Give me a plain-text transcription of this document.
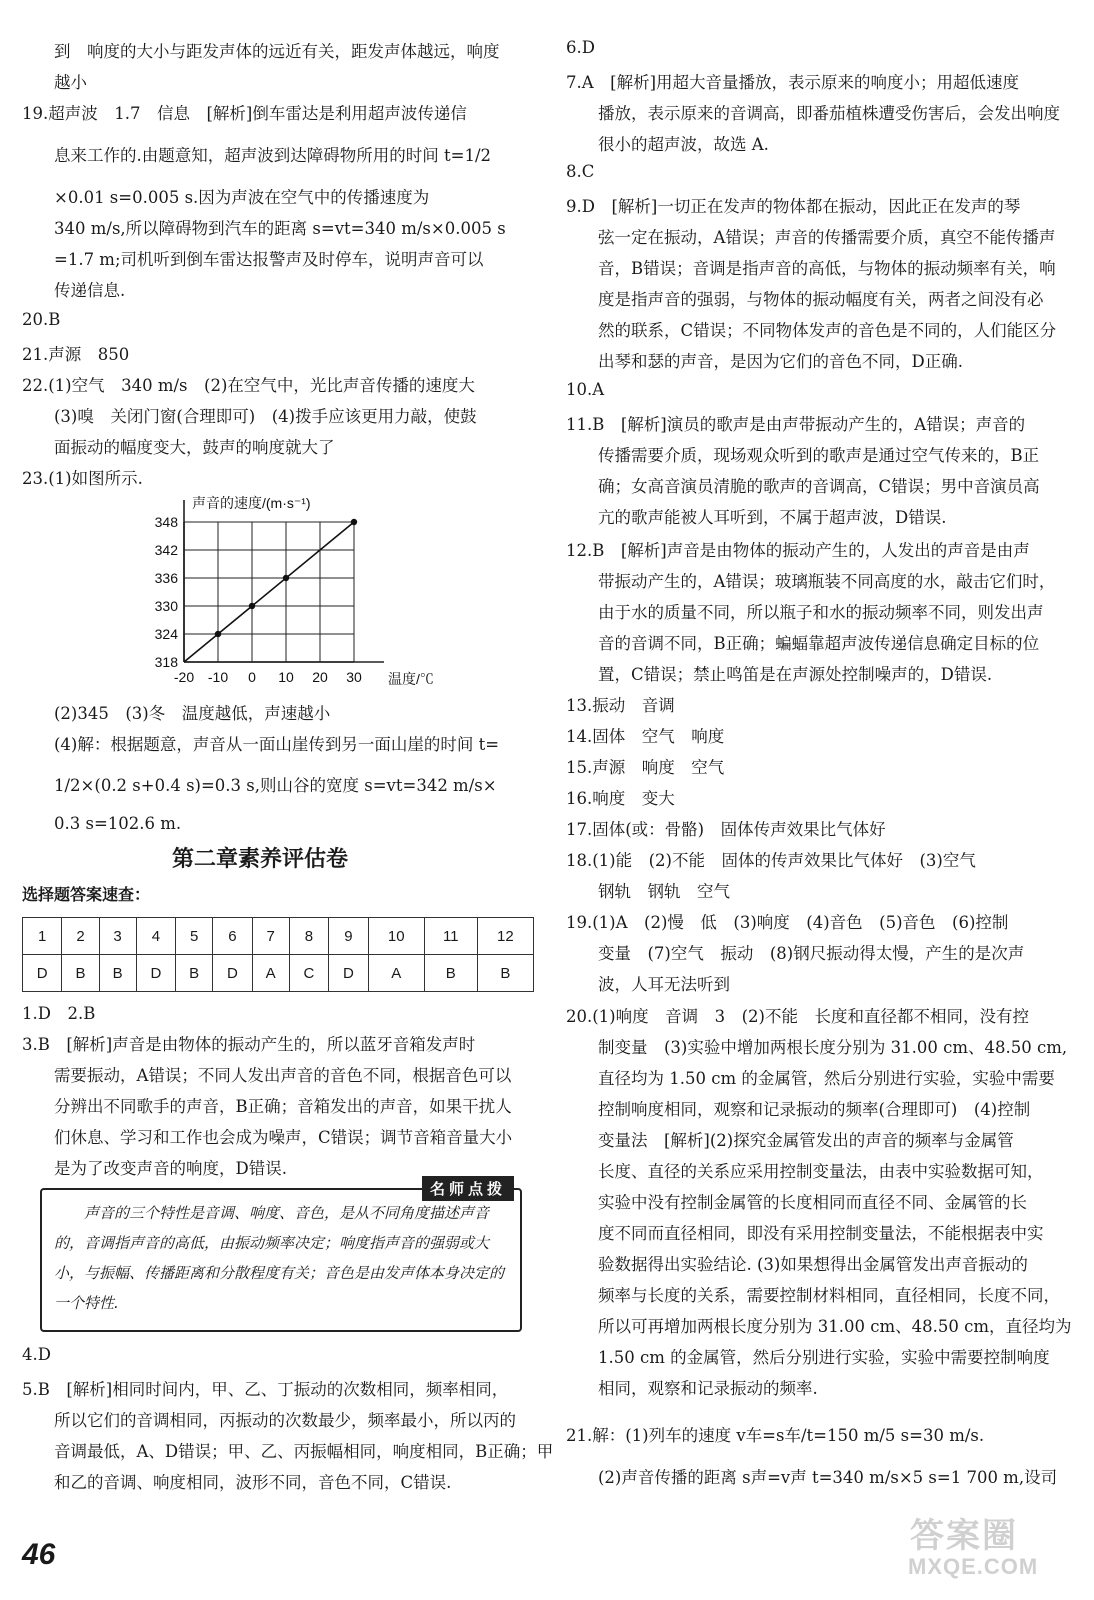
到　响度的大小与距发声体的远近有关，距发声体越远，响度
越小
19.超声波　1.7　信息　[解析]倒车雷达是利用超声波传递信
息来工作的.由题意知，超声波到达障碍物所用的时间 t=1/2
×0.01 s=0.005 s.因为声波在空气中的传播速度为
340 m/s,所以障碍物到汽车的距离 s=vt=340 m/s×0.005 s
=1.7 m;司机听到倒车雷达报警声及时停车，说明声音可以
传递信息.
20.B
21.声源　850
22.(1)空气　340 m/s　(2)在空气中，光比声音传播的速度大
(3)嗅　关闭门窗(合理即可)　(4)拨手应该更用力敲，使鼓
面振动的幅度变大，鼓声的响度就大了
23.(1)如图所示.
声音的速度/(m·s⁻¹)
温度/℃
-20 -10 0 10 20 30
318
324
330
336
342
348
(2)345　(3)冬　温度越低，声速越小
(4)解：根据题意，声音从一面山崖传到另一面山崖的时间 t=
1/2×(0.2 s+0.4 s)=0.3 s,则山谷的宽度 s=vt=342 m/s×
0.3 s=102.6 m.
第二章素养评估卷
选择题答案速查：
1	2	3	4	5	6	7	8	9	10	11	12
D	B	B	D	B	D	A	C	D	A	B	B
1.D　2.B
3.B　[解析]声音是由物体的振动产生的，所以蓝牙音箱发声时
需要振动，A错误；不同人发出声音的音色不同，根据音色可以
分辨出不同歌手的声音，B正确；音箱发出的声音，如果干扰人
们休息、学习和工作也会成为噪声，C错误；调节音箱音量大小
是为了改变声音的响度，D错误.
名师点拨

声音的三个特性是音调、响度、音色，是从不同角度描述声音的，音调指声音的高低，由振动频率决定；响度指声音的强弱或大小，与振幅、传播距离和分散程度有关；音色是由发声体本身决定的一个特性.

4.D
5.B　[解析]相同时间内，甲、乙、丁振动的次数相同，频率相同，
所以它们的音调相同，丙振动的次数最少，频率最小，所以丙的
音调最低，A、D错误；甲、乙、丙振幅相同，响度相同，B正确；甲
和乙的音调、响度相同，波形不同，音色不同，C错误.
46
6.D
7.A　[解析]用超大音量播放，表示原来的响度小；用超低速度
播放，表示原来的音调高，即番茄植株遭受伤害后，会发出响度
很小的超声波，故选 A.
8.C
9.D　[解析]一切正在发声的物体都在振动，因此正在发声的琴
弦一定在振动，A错误；声音的传播需要介质，真空不能传播声
音，B错误；音调是指声音的高低，与物体的振动频率有关，响
度是指声音的强弱，与物体的振动幅度有关，两者之间没有必
然的联系，C错误；不同物体发声的音色是不同的，人们能区分
出琴和瑟的声音，是因为它们的音色不同，D正确.
10.A
11.B　[解析]演员的歌声是由声带振动产生的，A错误；声音的
传播需要介质，现场观众听到的歌声是通过空气传来的，B正
确；女高音演员清脆的歌声的音调高，C错误；男中音演员高
亢的歌声能被人耳听到，不属于超声波，D错误.
12.B　[解析]声音是由物体的振动产生的，人发出的声音是由声
带振动产生的，A错误；玻璃瓶装不同高度的水，敲击它们时，
由于水的质量不同，所以瓶子和水的振动频率不同，则发出声
音的音调不同，B正确；蝙蝠靠超声波传递信息确定目标的位
置，C错误；禁止鸣笛是在声源处控制噪声的，D错误.
13.振动　音调
14.固体　空气　响度
15.声源　响度　空气
16.响度　变大
17.固体(或：骨骼)　固体传声效果比气体好
18.(1)能　(2)不能　固体的传声效果比气体好　(3)空气
钢轨　钢轨　空气
19.(1)A　(2)慢　低　(3)响度　(4)音色　(5)音色　(6)控制
变量　(7)空气　振动　(8)钢尺振动得太慢，产生的是次声
波，人耳无法听到
20.(1)响度　音调　3　(2)不能　长度和直径都不相同，没有控
制变量　(3)实验中增加两根长度分别为 31.00 cm、48.50 cm,
直径均为 1.50 cm 的金属管，然后分别进行实验，实验中需要
控制响度相同，观察和记录振动的频率(合理即可)　(4)控制
变量法　[解析](2)探究金属管发出的声音的频率与金属管
长度、直径的关系应采用控制变量法，由表中实验数据可知，
实验中没有控制金属管的长度相同而直径不同、金属管的长
度不同而直径相同，即没有采用控制变量法，不能根据表中实
验数据得出实验结论. (3)如果想得出金属管发出声音振动的
频率与长度的关系，需要控制材料相同，直径相同，长度不同，
所以可再增加两根长度分别为 31.00 cm、48.50 cm，直径均为
1.50 cm 的金属管，然后分别进行实验，实验中需要控制响度
相同，观察和记录振动的频率.
21.解：(1)列车的速度 v车=s车/t=150 m/5 s=30 m/s.
(2)声音传播的距离 s声=v声 t=340 m/s×5 s=1 700 m,设司
答案圈
MXQE.COM
